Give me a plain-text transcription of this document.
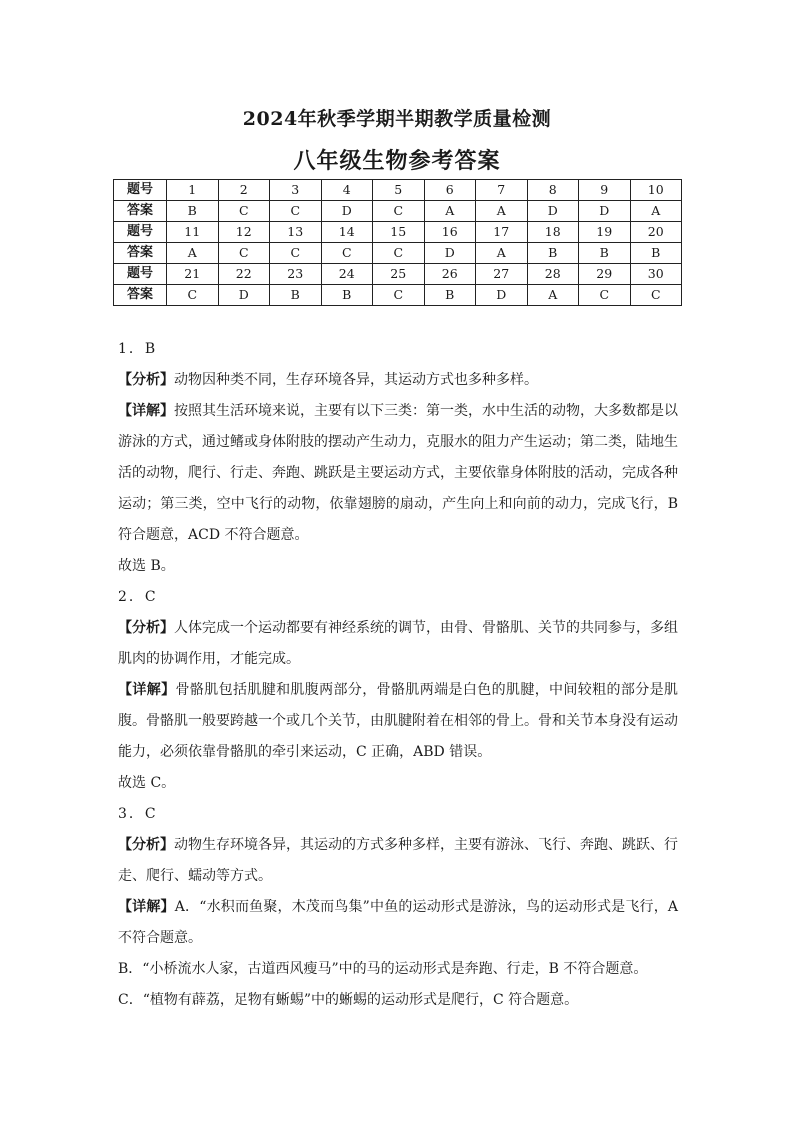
2024年秋季学期半期教学质量检测
八年级生物参考答案
题号	1	2	3	4	5	6	7	8	9	10
答案	B	C	C	D	C	A	A	D	D	A
题号	11	12	13	14	15	16	17	18	19	20
答案	A	C	C	C	C	D	A	B	B	B
题号	21	22	23	24	25	26	27	28	29	30
答案	C	D	B	B	C	B	D	A	C	C

1．B

【分析】动物因种类不同，生存环境各异，其运动方式也多种多样。

【详解】按照其生活环境来说，主要有以下三类：第一类，水中生活的动物，大多数都是以游泳的方式，通过鳍或身体附肢的摆动产生动力，克服水的阻力产生运动；第二类，陆地生活的动物，爬行、行走、奔跑、跳跃是主要运动方式，主要依靠身体附肢的活动，完成各种运动；第三类，空中飞行的动物，依靠翅膀的扇动，产生向上和向前的动力，完成飞行，B符合题意，ACD 不符合题意。

故选 B。

2．C

【分析】人体完成一个运动都要有神经系统的调节，由骨、骨骼肌、关节的共同参与，多组肌肉的协调作用，才能完成。

【详解】骨骼肌包括肌腱和肌腹两部分，骨骼肌两端是白色的肌腱，中间较粗的部分是肌腹。骨骼肌一般要跨越一个或几个关节，由肌腱附着在相邻的骨上。骨和关节本身没有运动能力，必须依靠骨骼肌的牵引来运动，C 正确，ABD 错误。

故选 C。

3．C

【分析】动物生存环境各异，其运动的方式多种多样，主要有游泳、飞行、奔跑、跳跃、行走、爬行、蠕动等方式。

【详解】A．“水积而鱼聚，木茂而鸟集”中鱼的运动形式是游泳，鸟的运动形式是飞行，A不符合题意。

B．“小桥流水人家，古道西风瘦马”中的马的运动形式是奔跑、行走，B 不符合题意。

C．“植物有薜荔，足物有蜥蜴”中的蜥蜴的运动形式是爬行，C 符合题意。
